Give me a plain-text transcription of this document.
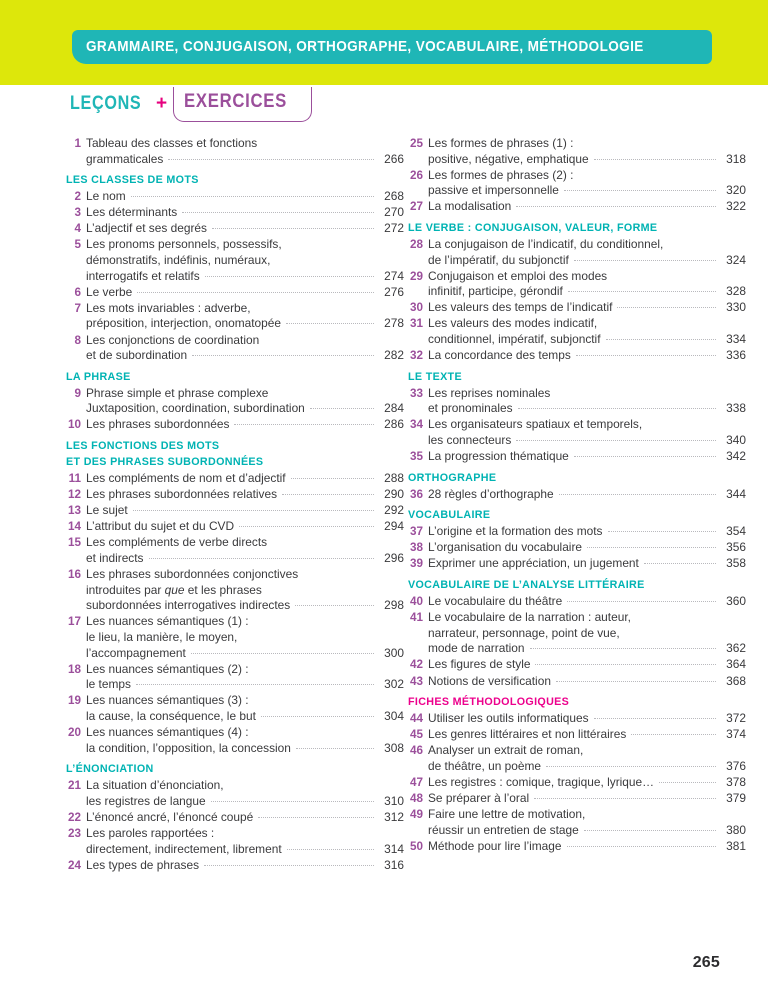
GRAMMAIRE, CONJUGAISON, ORTHOGRAPHE, VOCABULAIRE, MÉTHODOLOGIE
LEÇONS + EXERCICES
1 Tableau des classes et fonctions
grammaticales	266
LES CLASSES DE MOTS
2 Le nom	268
3 Les déterminants	270
4 L’adjectif et ses degrés	272
5 Les pronoms personnels, possessifs,
démonstratifs, indéfinis, numéraux,
interrogatifs et relatifs	274
6 Le verbe	276
7 Les mots invariables : adverbe,
préposition, interjection, onomatopée	278
8 Les conjonctions de coordination
et de subordination	282
LA PHRASE
9 Phrase simple et phrase complexe
Juxtaposition, coordination, subordination	284
10 Les phrases subordonnées	286
LES FONCTIONS DES MOTS
ET DES PHRASES SUBORDONNÉES
11 Les compléments de nom et d’adjectif	288
12 Les phrases subordonnées relatives	290
13 Le sujet	292
14 L’attribut du sujet et du CVD	294
15 Les compléments de verbe directs
et indirects	296
16 Les phrases subordonnées conjonctives
introduites par que et les phrases
subordonnées interrogatives indirectes	298
17 Les nuances sémantiques (1) :
le lieu, la manière, le moyen,
l’accompagnement	300
18 Les nuances sémantiques (2) :
le temps	302
19 Les nuances sémantiques (3) :
la cause, la conséquence, le but	304
20 Les nuances sémantiques (4) :
la condition, l’opposition, la concession	308
L’ÉNONCIATION
21 La situation d’énonciation,
les registres de langue	310
22 L’énoncé ancré, l’énoncé coupé	312
23 Les paroles rapportées :
directement, indirectement, librement	314
24 Les types de phrases	316
25 Les formes de phrases (1) :
positive, négative, emphatique	318
26 Les formes de phrases (2) :
passive et impersonnelle	320
27 La modalisation	322
LE VERBE : CONJUGAISON, VALEUR, FORME
28 La conjugaison de l’indicatif, du conditionnel,
de l’impératif, du subjonctif	324
29 Conjugaison et emploi des modes
infinitif, participe, gérondif	328
30 Les valeurs des temps de l’indicatif	330
31 Les valeurs des modes indicatif,
conditionnel, impératif, subjonctif	334
32 La concordance des temps	336
LE TEXTE
33 Les reprises nominales
et pronominales	338
34 Les organisateurs spatiaux et temporels,
les connecteurs	340
35 La progression thématique	342
ORTHOGRAPHE
36 28 règles d’orthographe	344
VOCABULAIRE
37 L’origine et la formation des mots	354
38 L’organisation du vocabulaire	356
39 Exprimer une appréciation, un jugement	358
VOCABULAIRE DE L’ANALYSE LITTÉRAIRE
40 Le vocabulaire du théâtre	360
41 Le vocabulaire de la narration : auteur,
narrateur, personnage, point de vue,
mode de narration	362
42 Les figures de style	364
43 Notions de versification	368
FICHES MÉTHODOLOGIQUES
44 Utiliser les outils informatiques	372
45 Les genres littéraires et non littéraires	374
46 Analyser un extrait de roman,
de théâtre, un poème	376
47 Les registres : comique, tragique, lyrique…	378
48 Se préparer à l’oral	379
49 Faire une lettre de motivation,
réussir un entretien de stage	380
50 Méthode pour lire l’image	381
265
